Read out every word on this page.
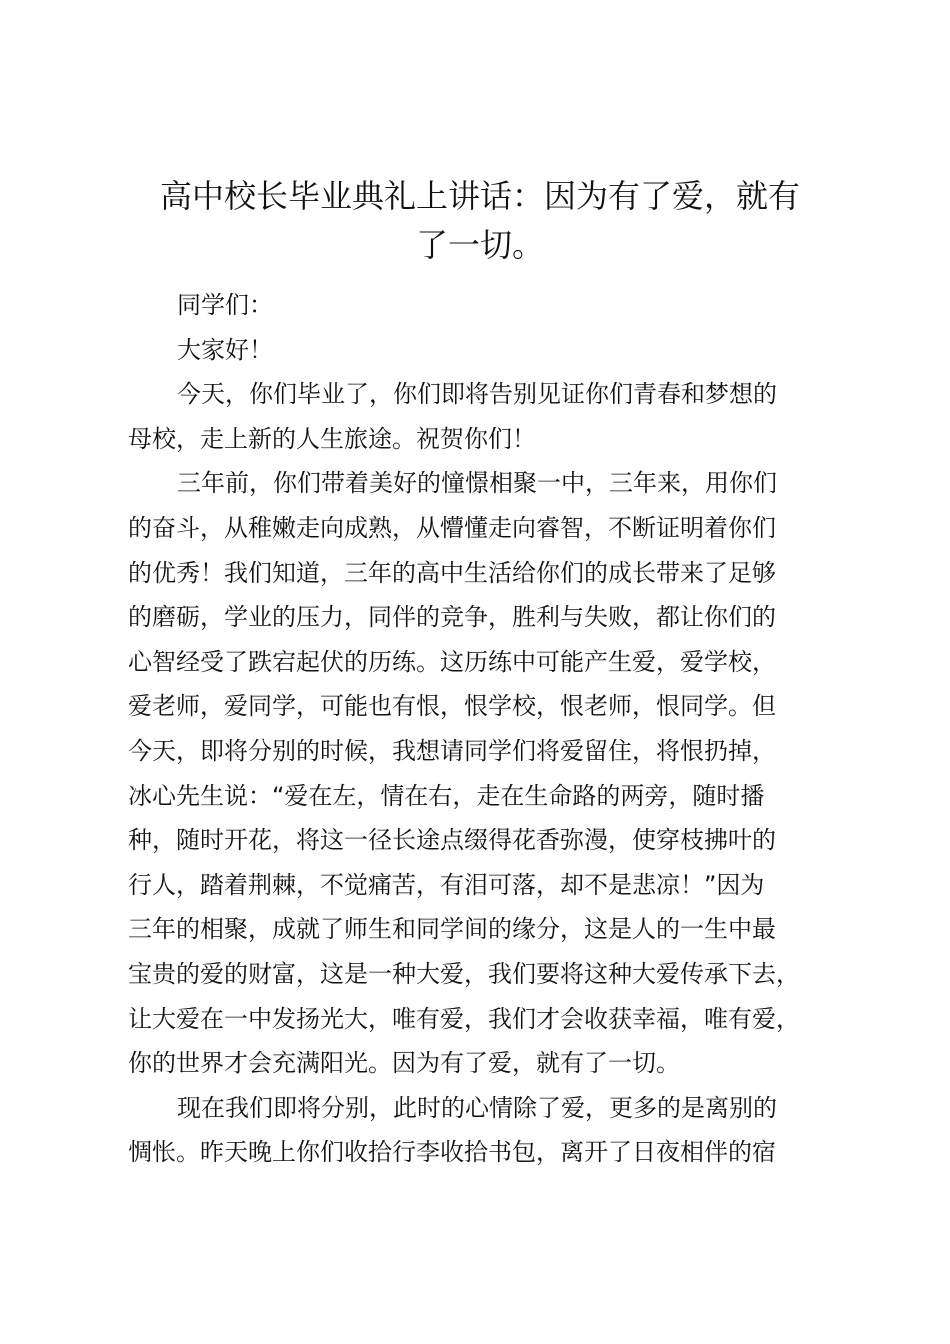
高中校长毕业典礼上讲话：因为有了爱，就有
了一切。

同学们：

大家好！

今天，你们毕业了，你们即将告别见证你们青春和梦想的
母校，走上新的人生旅途。祝贺你们！

三年前，你们带着美好的憧憬相聚一中，三年来，用你们
的奋斗，从稚嫩走向成熟，从懵懂走向睿智，不断证明着你们
的优秀！我们知道，三年的高中生活给你们的成长带来了足够
的磨砺，学业的压力，同伴的竞争，胜利与失败，都让你们的
心智经受了跌宕起伏的历练。这历练中可能产生爱，爱学校，
爱老师，爱同学，可能也有恨，恨学校，恨老师，恨同学。但
今天，即将分别的时候，我想请同学们将爱留住，将恨扔掉，
冰心先生说：“爱在左，情在右，走在生命路的两旁，随时播
种，随时开花，将这一径长途点缀得花香弥漫，使穿枝拂叶的
行人，踏着荆棘，不觉痛苦，有泪可落，却不是悲凉！”因为
三年的相聚，成就了师生和同学间的缘分，这是人的一生中最
宝贵的爱的财富，这是一种大爱，我们要将这种大爱传承下去，
让大爱在一中发扬光大，唯有爱，我们才会收获幸福，唯有爱，
你的世界才会充满阳光。因为有了爱，就有了一切。

现在我们即将分别，此时的心情除了爱，更多的是离别的
惆怅。昨天晚上你们收拾行李收拾书包，离开了日夜相伴的宿
